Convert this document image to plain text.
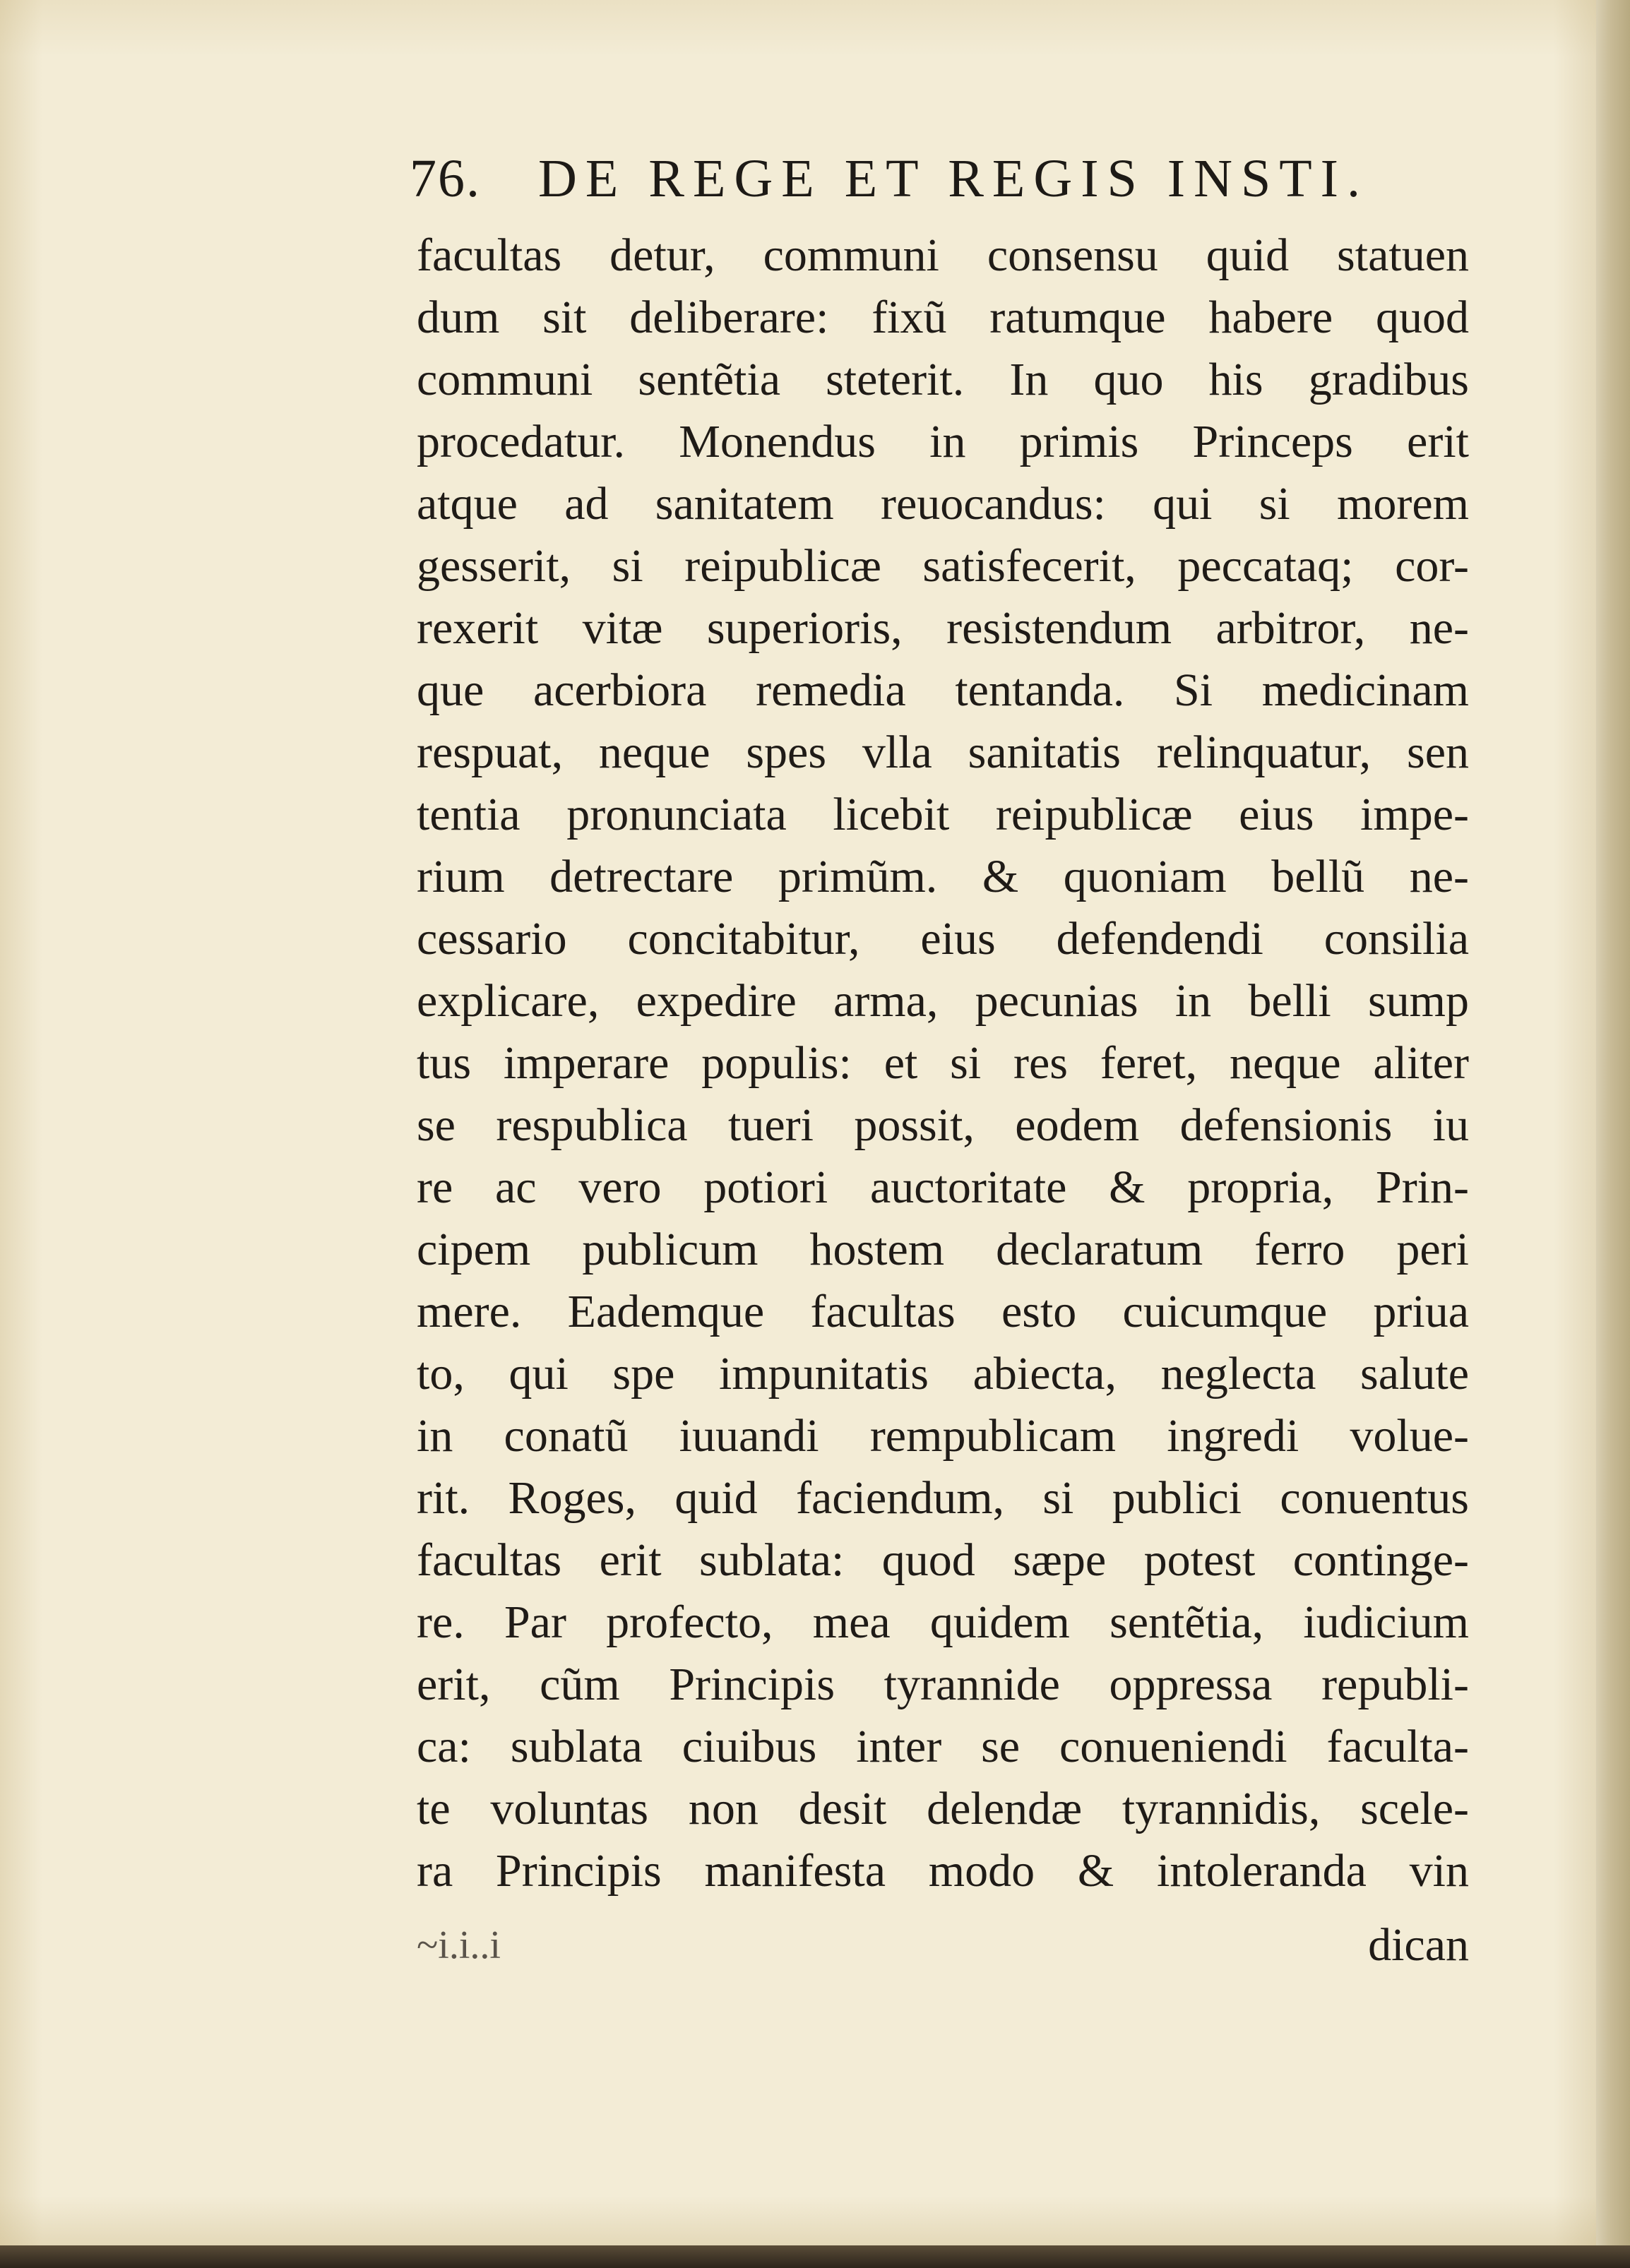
76. DE REGE ET REGIS INSTI.
facultas detur, communi consensu quid statuen
dum sit deliberare: fixũ ratumque habere quod
communi sentẽtia steterit. In quo his gradibus
procedatur. Monendus in primis Princeps erit
atque ad sanitatem reuocandus: qui si morem
gesserit, si reipublicæ satisfecerit, peccataq; cor-
rexerit vitæ superioris, resistendum arbitror, ne-
que acerbiora remedia tentanda. Si medicinam
respuat, neque spes vlla sanitatis relinquatur, sen
tentia pronunciata licebit reipublicæ eius impe-
rium detrectare primũm. & quoniam bellũ ne-
cessario concitabitur, eius defendendi consilia
explicare, expedire arma, pecunias in belli sump
tus imperare populis: et si res feret, neque aliter
se respublica tueri possit, eodem defensionis iu
re ac vero potiori auctoritate & propria, Prin-
cipem publicum hostem declaratum ferro peri
mere. Eademque facultas esto cuicumque priua
to, qui spe impunitatis abiecta, neglecta salute
in conatũ iuuandi rempublicam ingredi volue-
rit. Roges, quid faciendum, si publici conuentus
facultas erit sublata: quod sæpe potest continge-
re. Par profecto, mea quidem sentẽtia, iudicium
erit, cũm Principis tyrannide oppressa republi-
ca: sublata ciuibus inter se conueniendi faculta-
te voluntas non desit delendæ tyrannidis, scele-
ra Principis manifesta modo & intoleranda vin
~i.i..i	dican
